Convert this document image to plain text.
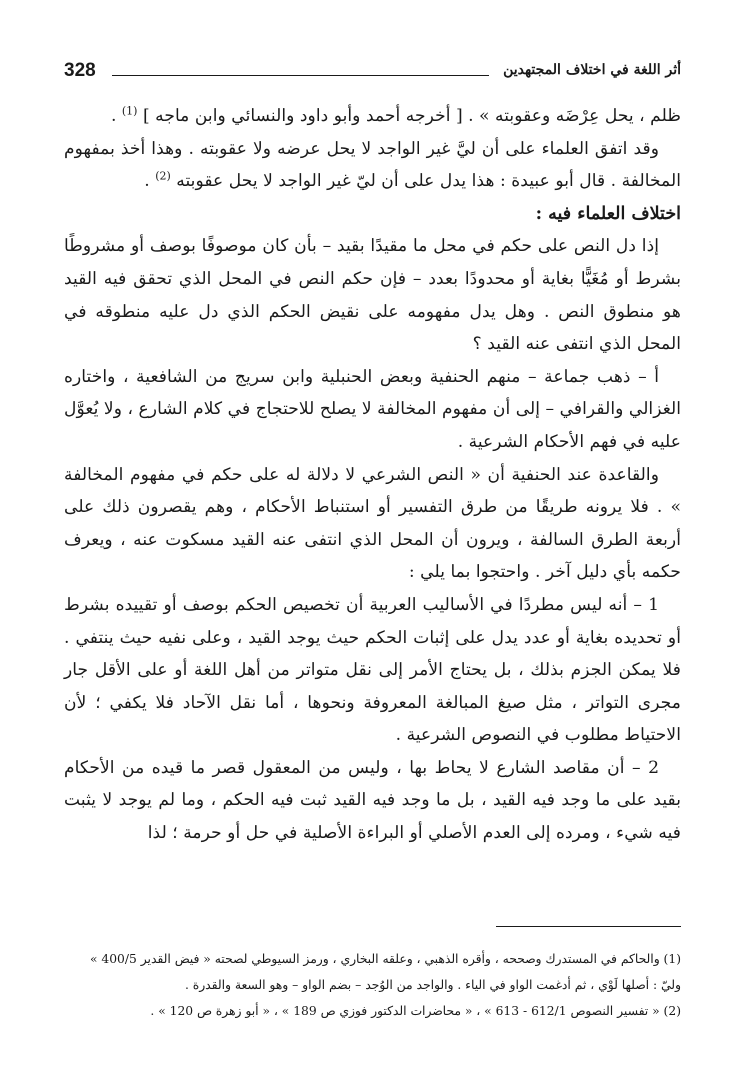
328	أثر اللغة في اختلاف المجتهدين

ظلم ، يحل عِرْضَه وعقوبته » . [ أخرجه أحمد وأبو داود والنسائي وابن ماجه ] $^{(1)}$ .

وقد اتفق العلماء على أن ليَّ غير الواجد لا يحل عرضه ولا عقوبته . وهذا أخذ بمفهوم المخالفة . قال أبو عبيدة : هذا يدل على أن ليّ غير الواجد لا يحل عقوبته $^{(2)}$ .

اختلاف العلماء فيه :

إذا دل النص على حكم في محل ما مقيدًا بقيد – بأن كان موصوفًا بوصف أو مشروطًا بشرط أو مُغَيًّا بغاية أو محدودًا بعدد – فإن حكم النص في المحل الذي تحقق فيه القيد هو منطوق النص . وهل يدل مفهومه على نقيض الحكم الذي دل عليه منطوقه في المحل الذي انتفى عنه القيد ؟

أ – ذهب جماعة – منهم الحنفية وبعض الحنبلية وابن سريج من الشافعية ، واختاره الغزالي والقرافي – إلى أن مفهوم المخالفة لا يصلح للاحتجاج في كلام الشارع ، ولا يُعوَّل عليه في فهم الأحكام الشرعية .

والقاعدة عند الحنفية أن « النص الشرعي لا دلالة له على حكم في مفهوم المخالفة » . فلا يرونه طريقًا من طرق التفسير أو استنباط الأحكام ، وهم يقصرون ذلك على أربعة الطرق السالفة ، ويرون أن المحل الذي انتفى عنه القيد مسكوت عنه ، ويعرف حكمه بأي دليل آخر . واحتجوا بما يلي :

1 – أنه ليس مطردًا في الأساليب العربية أن تخصيص الحكم بوصف أو تقييده بشرط أو تحديده بغاية أو عدد يدل على إثبات الحكم حيث يوجد القيد ، وعلى نفيه حيث ينتفي . فلا يمكن الجزم بذلك ، بل يحتاج الأمر إلى نقل متواتر من أهل اللغة أو على الأقل جار مجرى التواتر ، مثل صيغ المبالغة المعروفة ونحوها ، أما نقل الآحاد فلا يكفي ؛ لأن الاحتياط مطلوب في النصوص الشرعية .

2 – أن مقاصد الشارع لا يحاط بها ، وليس من المعقول قصر ما قيده من الأحكام بقيد على ما وجد فيه القيد ، بل ما وجد فيه القيد ثبت فيه الحكم ، وما لم يوجد لا يثبت فيه شيء ، ومرده إلى العدم الأصلي أو البراءة الأصلية في حل أو حرمة ؛ لذا

(1) والحاكم في المستدرك وصححه ، وأقره الذهبي ، وعلقه البخاري ، ورمز السيوطي لصحته « فيض القدير 400/5 »

وليّ : أصلها لَوْي ، ثم أدغمت الواو في الياء . والواجد من الوُجد – بضم الواو – وهو السعة والقدرة .

(2) « تفسير النصوص 612/1 - 613 » ، « محاضرات الدكتور فوزي ص 189 » ، « أبو زهرة ص 120 » .
